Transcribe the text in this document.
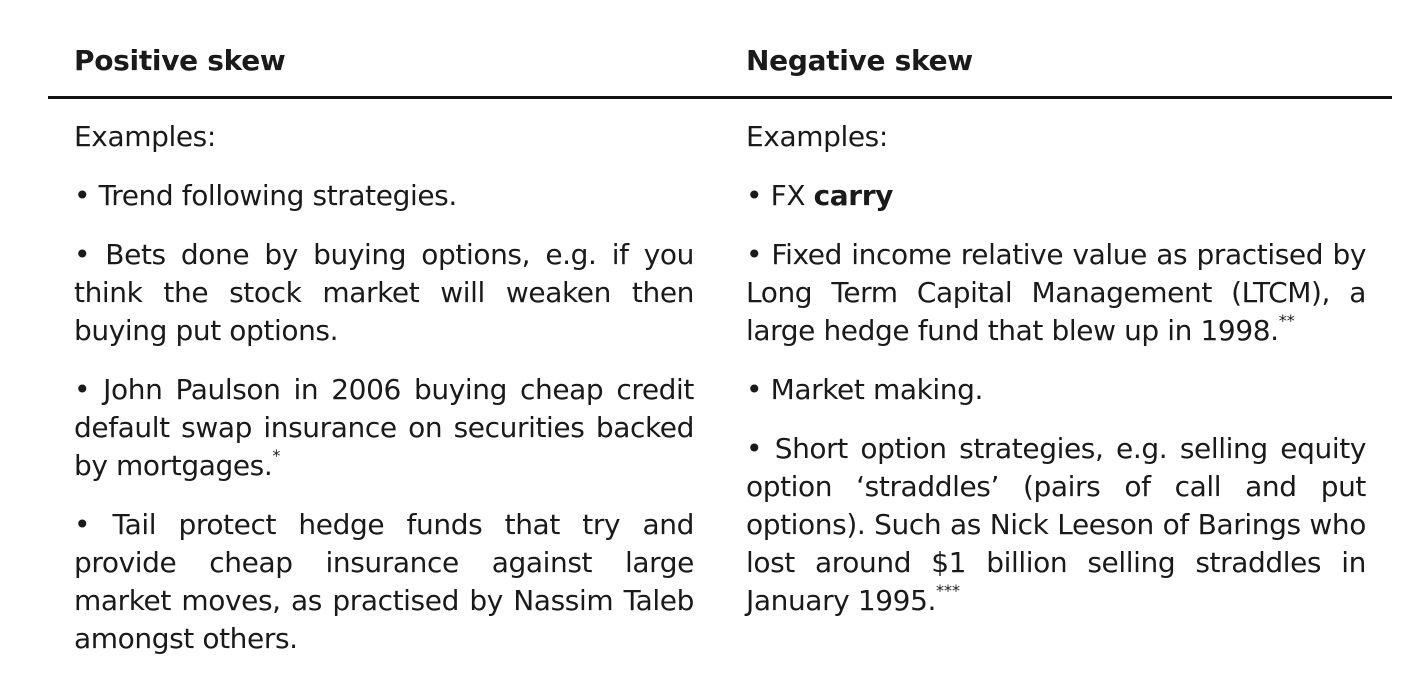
Positive skew	Negative skew

Examples:

• Trend following strategies.

• Bets done by buying options, e.g. if you think the stock market will weaken then buying put options.

• John Paulson in 2006 buying cheap credit default swap insurance on securities backed by mortgages.*

• Tail protect hedge funds that try and provide cheap insurance against large market moves, as practised by Nassim Taleb amongst others.

Examples:

• FX carry

• Fixed income relative value as practised by Long Term Capital Management (LTCM), a large hedge fund that blew up in 1998.**

• Market making.

• Short option strategies, e.g. selling equity option ‘straddles’ (pairs of call and put options). Such as Nick Leeson of Barings who lost around $1 billion selling straddles in January 1995.***
